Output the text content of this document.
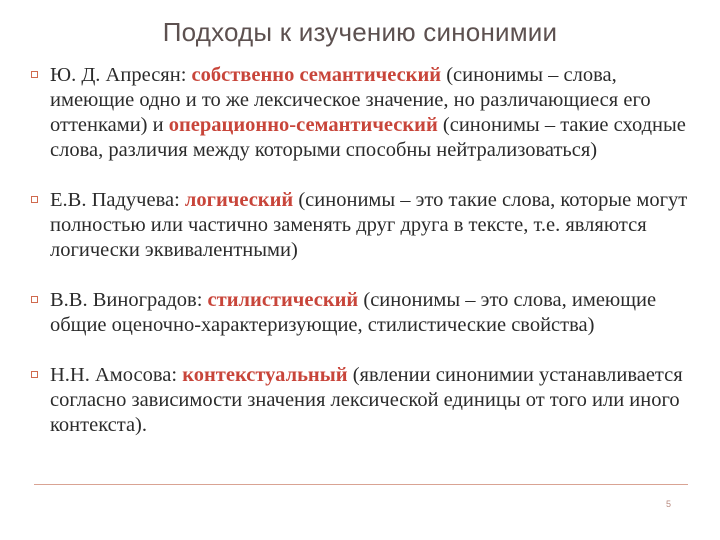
Подходы к изучению синонимии
Ю. Д. Апресян: собственно семантический (синонимы – слова, имеющие одно и то же лексическое значение, но различающиеся его оттенками) и операционно-семантический (синонимы – такие сходные слова, различия между которыми способны нейтрализоваться)
Е.В. Падучева: логический (синонимы – это такие слова, которые могут полностью или частично заменять друг друга в тексте, т.е. являются логически эквивалентными)
В.В. Виноградов: стилистический (синонимы – это слова, имеющие общие оценочно-характеризующие, стилистические свойства)
Н.Н. Амосова: контекстуальный (явлении синонимии устанавливается согласно зависимости значения лексической единицы от того или иного контекста).
5
